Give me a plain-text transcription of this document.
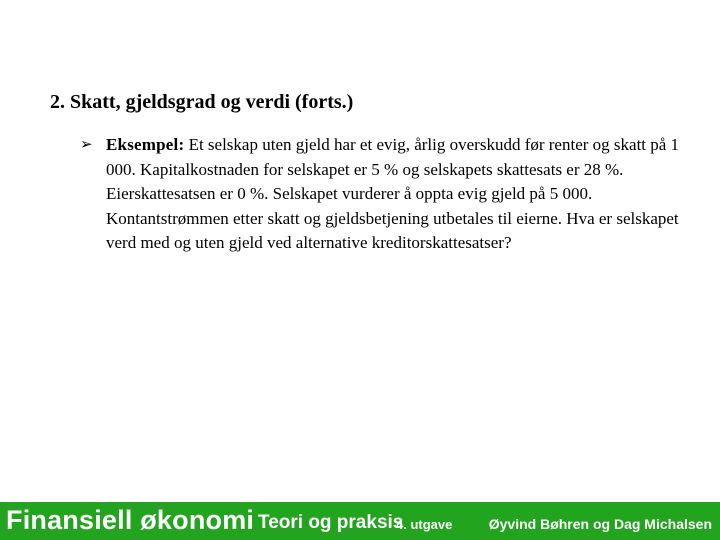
2. Skatt, gjeldsgrad og verdi (forts.)
➢ Eksempel: Et selskap uten gjeld har et evig, årlig overskudd før renter og skatt på 1 000. Kapitalkostnaden for selskapet er 5 % og selskapets skattesats er 28 %. Eierskattesatsen er 0 %. Selskapet vurderer å oppta evig gjeld på 5 000. Kontantstrømmen etter skatt og gjeldsbetjening utbetales til eierne. Hva er selskapet verd med og uten gjeld ved alternative kreditorskattesatser?
Finansiell økonomi Teori og praksis
4. utgave	Øyvind Bøhren og Dag Michalsen
